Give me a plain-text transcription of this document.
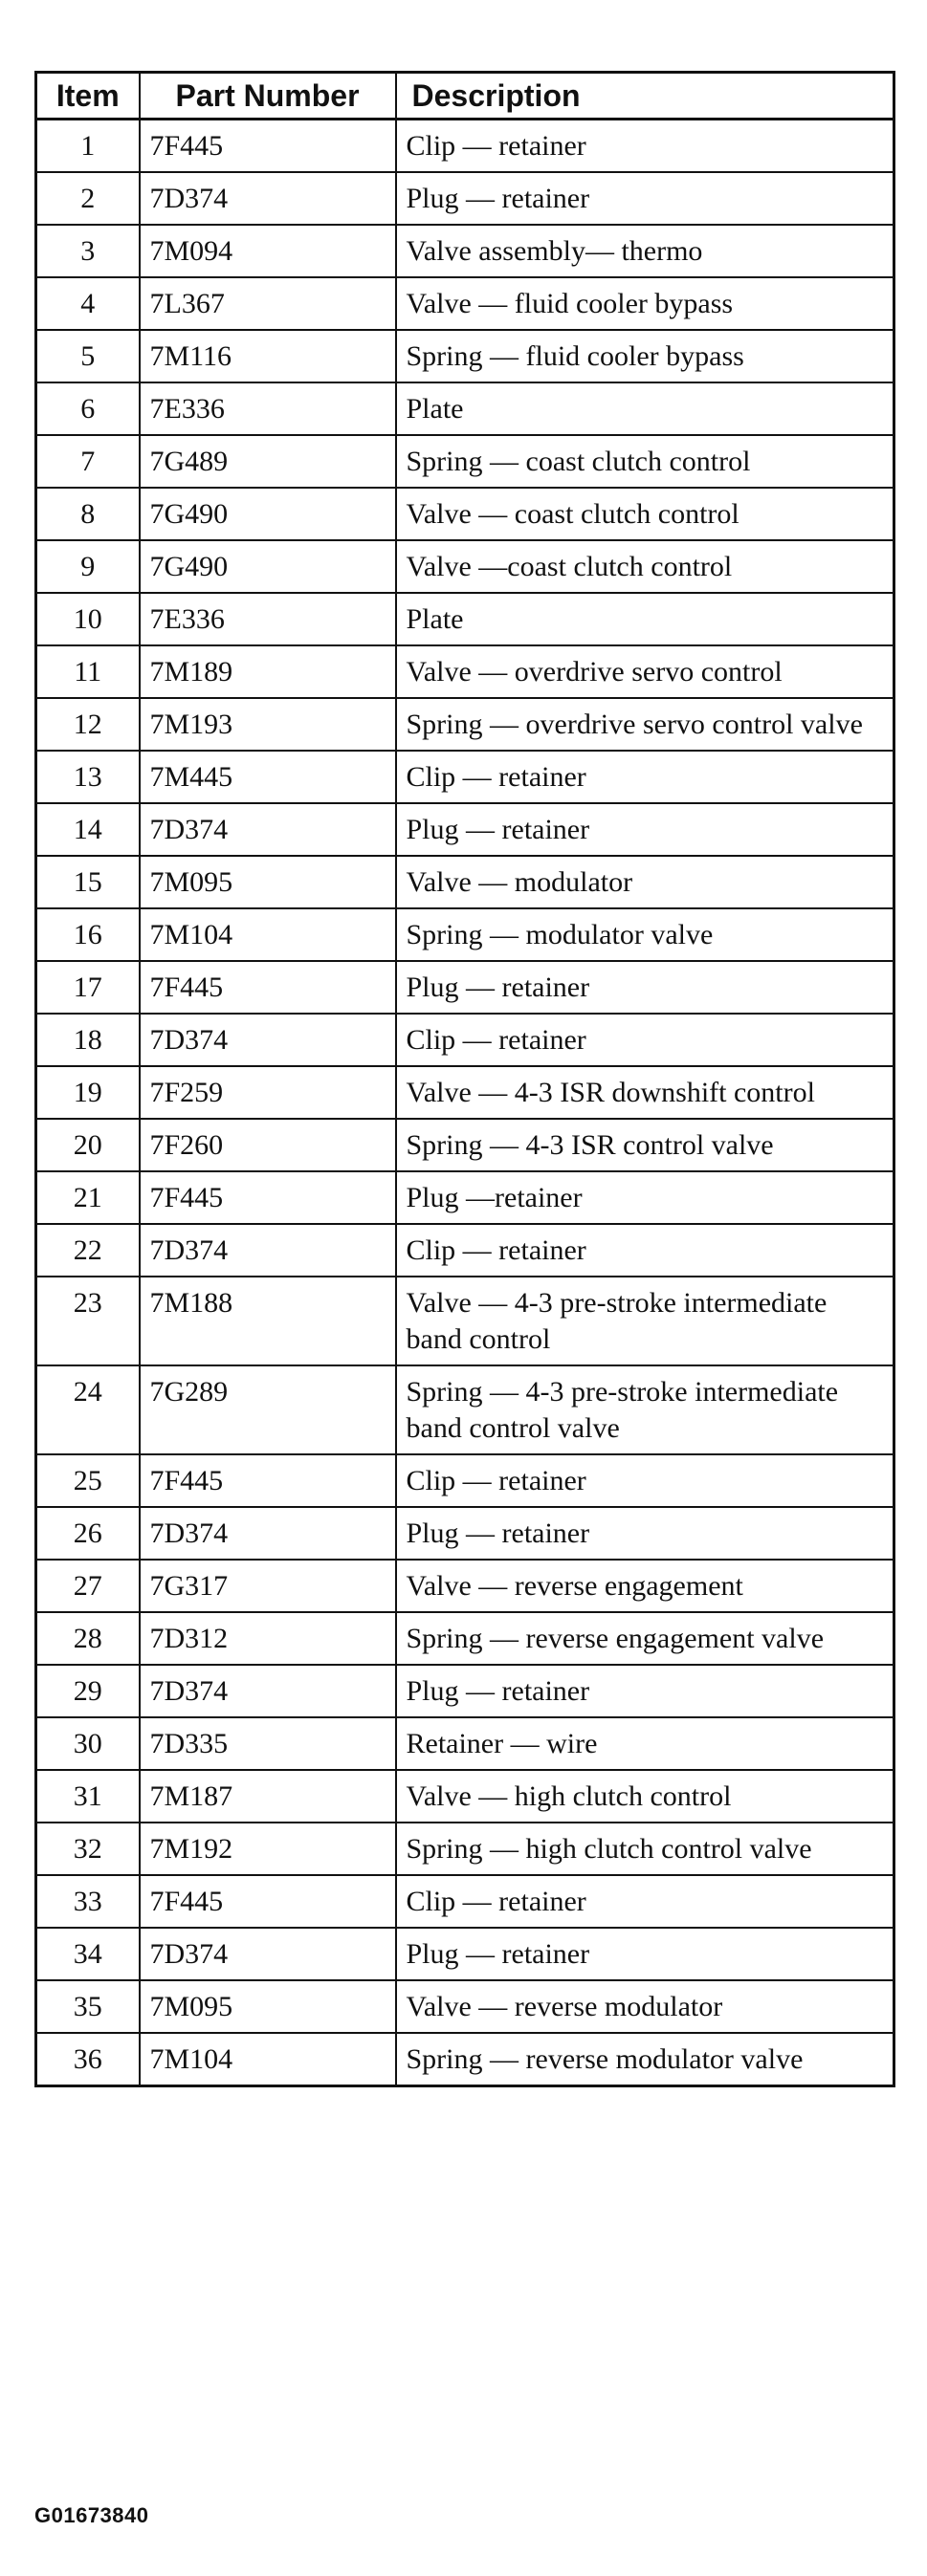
Item	Part Number	Description
1	7F445	Clip — retainer
2	7D374	Plug — retainer
3	7M094	Valve assembly— thermo
4	7L367	Valve — fluid cooler bypass
5	7M116	Spring — fluid cooler bypass
6	7E336	Plate
7	7G489	Spring — coast clutch control
8	7G490	Valve — coast clutch control
9	7G490	Valve —coast clutch control
10	7E336	Plate
11	7M189	Valve — overdrive servo control
12	7M193	Spring — overdrive servo control valve
13	7M445	Clip — retainer
14	7D374	Plug — retainer
15	7M095	Valve — modulator
16	7M104	Spring — modulator valve
17	7F445	Plug — retainer
18	7D374	Clip — retainer
19	7F259	Valve — 4-3 ISR downshift control
20	7F260	Spring — 4-3 ISR control valve
21	7F445	Plug —retainer
22	7D374	Clip — retainer
23	7M188	Valve — 4-3 pre-stroke intermediate band control
24	7G289	Spring — 4-3 pre-stroke intermediate band control valve
25	7F445	Clip — retainer
26	7D374	Plug — retainer
27	7G317	Valve — reverse engagement
28	7D312	Spring — reverse engagement valve
29	7D374	Plug — retainer
30	7D335	Retainer — wire
31	7M187	Valve — high clutch control
32	7M192	Spring — high clutch control valve
33	7F445	Clip — retainer
34	7D374	Plug — retainer
35	7M095	Valve — reverse modulator
36	7M104	Spring — reverse modulator valve
G01673840
